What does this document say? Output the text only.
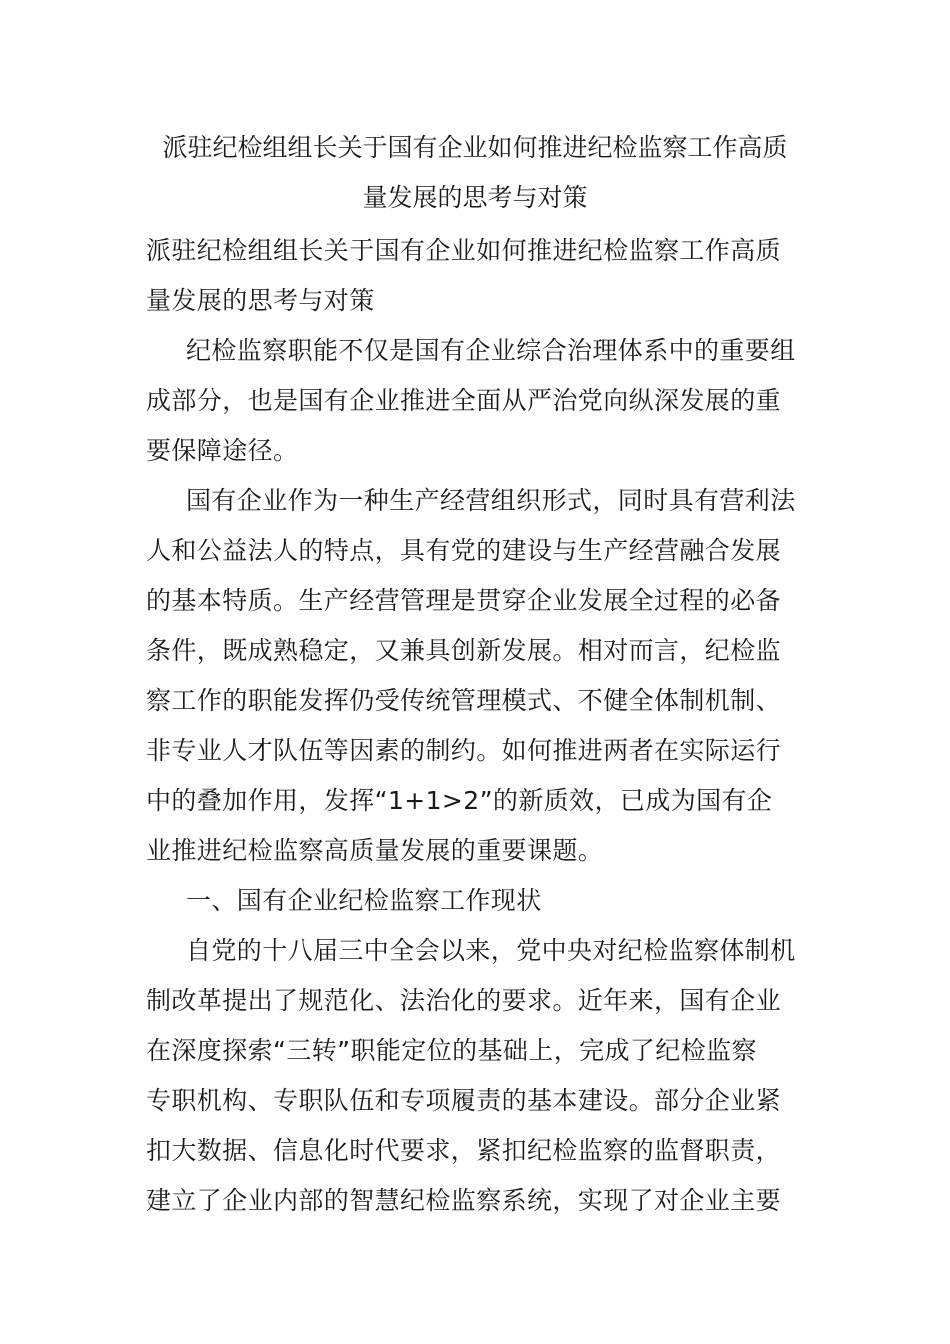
派驻纪检组组长关于国有企业如何推进纪检监察工作高质
量发展的思考与对策
派驻纪检组组长关于国有企业如何推进纪检监察工作高质
量发展的思考与对策
纪检监察职能不仅是国有企业综合治理体系中的重要组
成部分，也是国有企业推进全面从严治党向纵深发展的重
要保障途径。
国有企业作为一种生产经营组织形式，同时具有营利法
人和公益法人的特点，具有党的建设与生产经营融合发展
的基本特质。生产经营管理是贯穿企业发展全过程的必备
条件，既成熟稳定，又兼具创新发展。相对而言，纪检监
察工作的职能发挥仍受传统管理模式、不健全体制机制、
非专业人才队伍等因素的制约。如何推进两者在实际运行
中的叠加作用，发挥“1+1>2”的新质效，已成为国有企
业推进纪检监察高质量发展的重要课题。
一、国有企业纪检监察工作现状
自党的十八届三中全会以来，党中央对纪检监察体制机
制改革提出了规范化、法治化的要求。近年来，国有企业
在深度探索“三转”职能定位的基础上，完成了纪检监察
专职机构、专职队伍和专项履责的基本建设。部分企业紧
扣大数据、信息化时代要求，紧扣纪检监察的监督职责，
建立了企业内部的智慧纪检监察系统，实现了对企业主要
